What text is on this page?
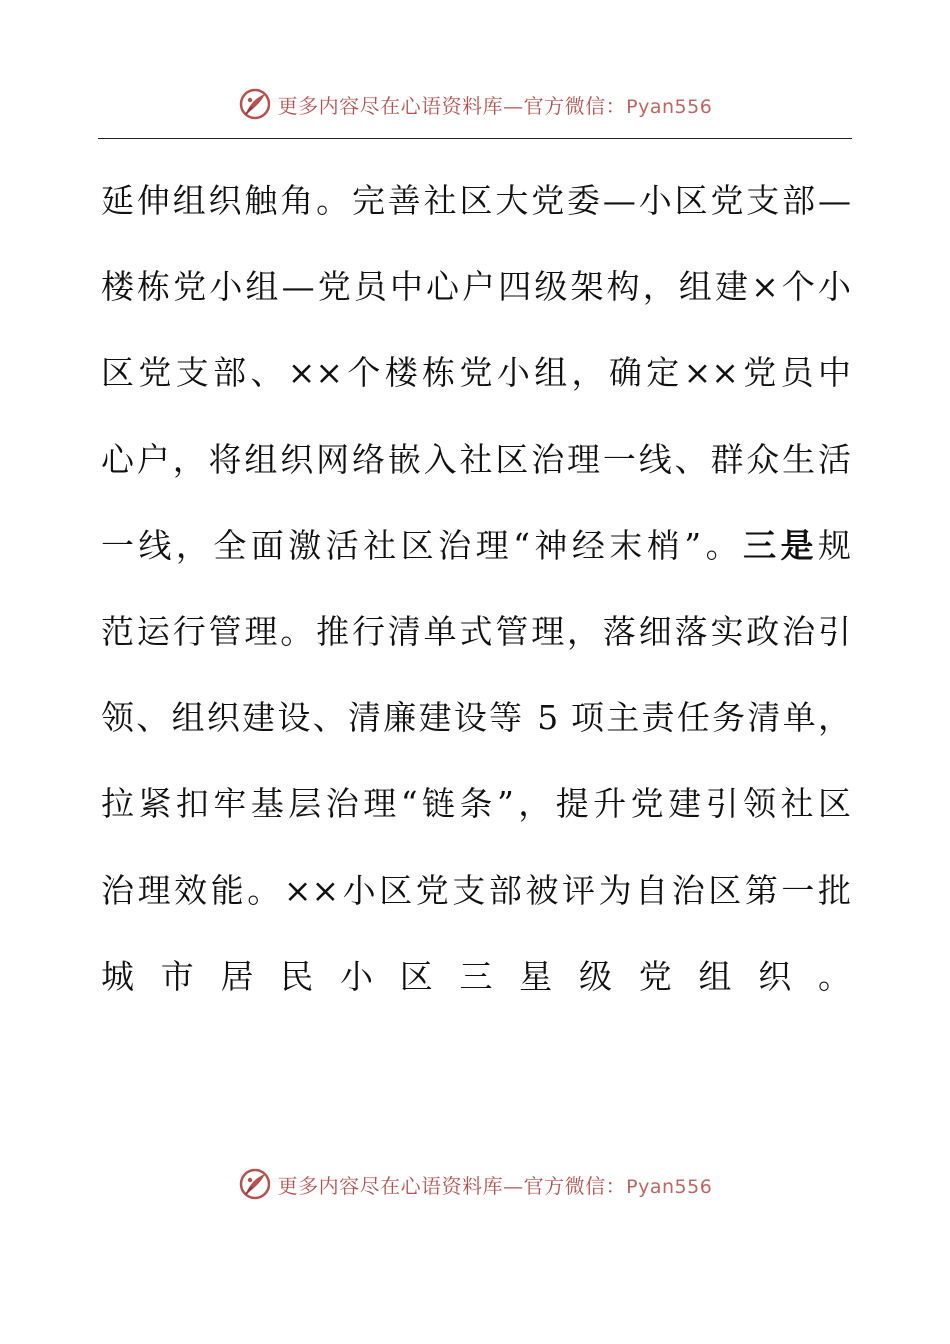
更多内容尽在心语资料库—官方微信：Pyan556
延伸组织触角。完善社区大党委—小区党支部—
楼栋党小组—党员中心户四级架构，组建×个小
区党支部、××个楼栋党小组，确定××党员中
心户，将组织网络嵌入社区治理一线、群众生活
一线，全面激活社区治理“神经末梢”。三是规
范运行管理。推行清单式管理，落细落实政治引
领、组织建设、清廉建设等 5 项主责任务清单，
拉紧扣牢基层治理“链条”，提升党建引领社区
治理效能。××小区党支部被评为自治区第一批
城 市 居 民 小 区 三 星 级 党 组 织 。
更多内容尽在心语资料库—官方微信：Pyan556
